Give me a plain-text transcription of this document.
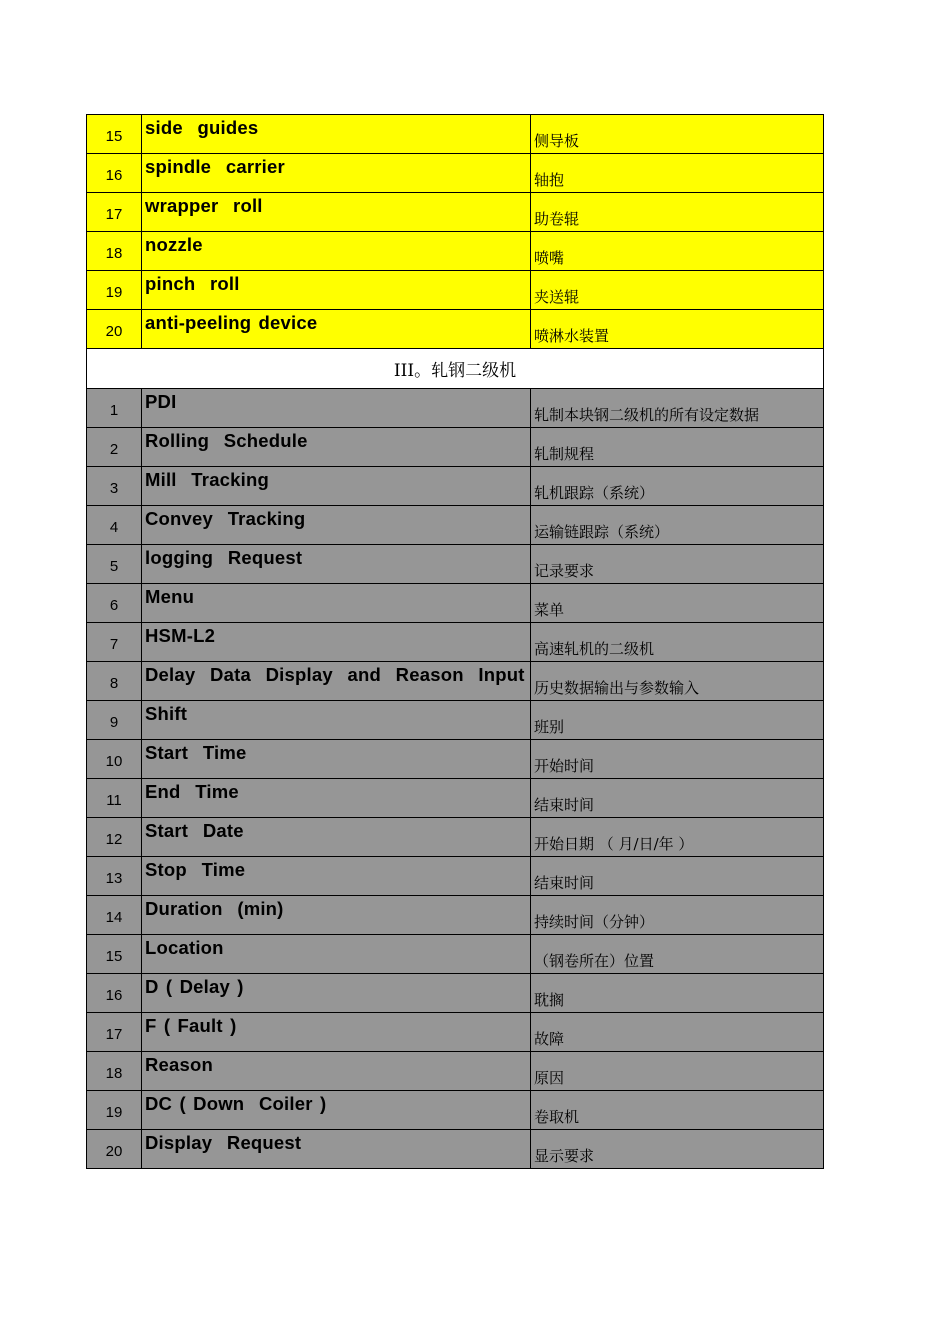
15	side  guides	侧导板
16	spindle  carrier	轴抱
17	wrapper  roll	助卷辊
18	nozzle	喷嘴
19	pinch  roll	夹送辊
20	anti-peeling device	喷淋水装置
III。轧钢二级机		
1	PDI	轧制本块钢二级机的所有设定数据
2	Rolling  Schedule	轧制规程
3	Mill  Tracking	轧机跟踪（系统）
4	Convey  Tracking	运输链跟踪（系统）
5	logging  Request	记录要求
6	Menu	菜单
7	HSM-L2	高速轧机的二级机
8	Delay  Data  Display  and  Reason  Input	历史数据输出与参数输入
9	Shift	班别
10	Start  Time	开始时间
11	End  Time	结束时间
12	Start  Date	开始日期 （ 月/日/年 ）
13	Stop  Time	结束时间
14	Duration  (min)	持续时间（分钟）
15	Location	（钢卷所在）位置
16	D ( Delay )	耽搁
17	F ( Fault )	故障
18	Reason	原因
19	DC ( Down  Coiler )	卷取机
20	Display  Request	显示要求
